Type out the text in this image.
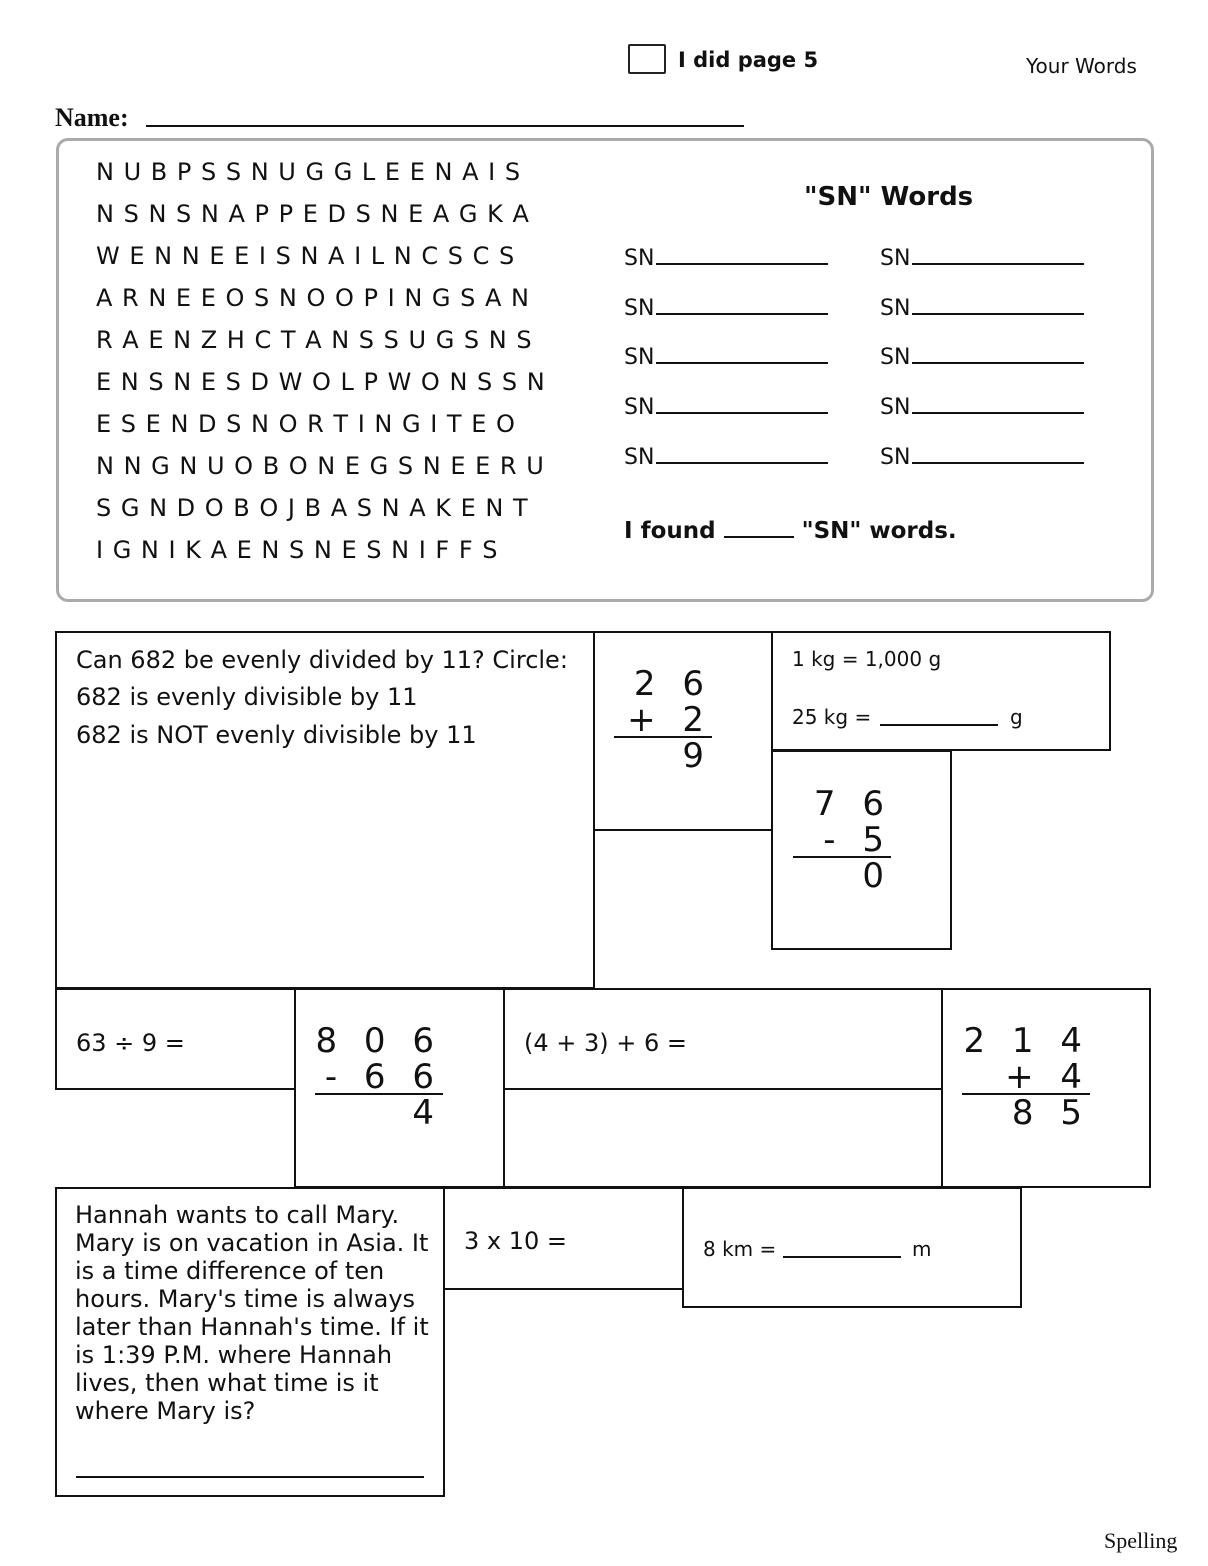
I did page 5	Your Words
Name:
N U B P S S N U G G L E E N A I S
N S N S N A P P E D S N E A G K A
W E N N E E I S N A I L N C S C S
A R N E E O S N O O P I N G S A N
R A E N Z H C T A N S S U G S N S
E N S N E S D W O L P W O N S S N
E S E N D S N O R T I N G I T E O
N N G N U O B O N E G S N E E R U
S G N D O B O J B A S N A K E N T
I G N I K A E N S N E S N I F F S
"SN" Words
SN	SN
SN	SN
SN	SN
SN	SN
SN	SN
I found	"SN" words.
Can 682 be evenly divided by 11? Circle:
682 is evenly divisible by 11
682 is NOT evenly divisible by 11
2 6
+ 2 9
1 kg = 1,000 g
25 kg =	g
7 6
- 5 0
63 ÷ 9 =	8 0 6
- 6 6 4
(4 + 3) + 6 =	2 1 4
+ 4 8 5
Hannah wants to call Mary. Mary is on vacation in Asia. It is a time difference of ten hours. Mary's time is always later than Hannah's time. If it is 1:39 P.M. where Hannah lives, then what time is it where Mary is?
3 x 10 =	8 km =	m
Spelling
